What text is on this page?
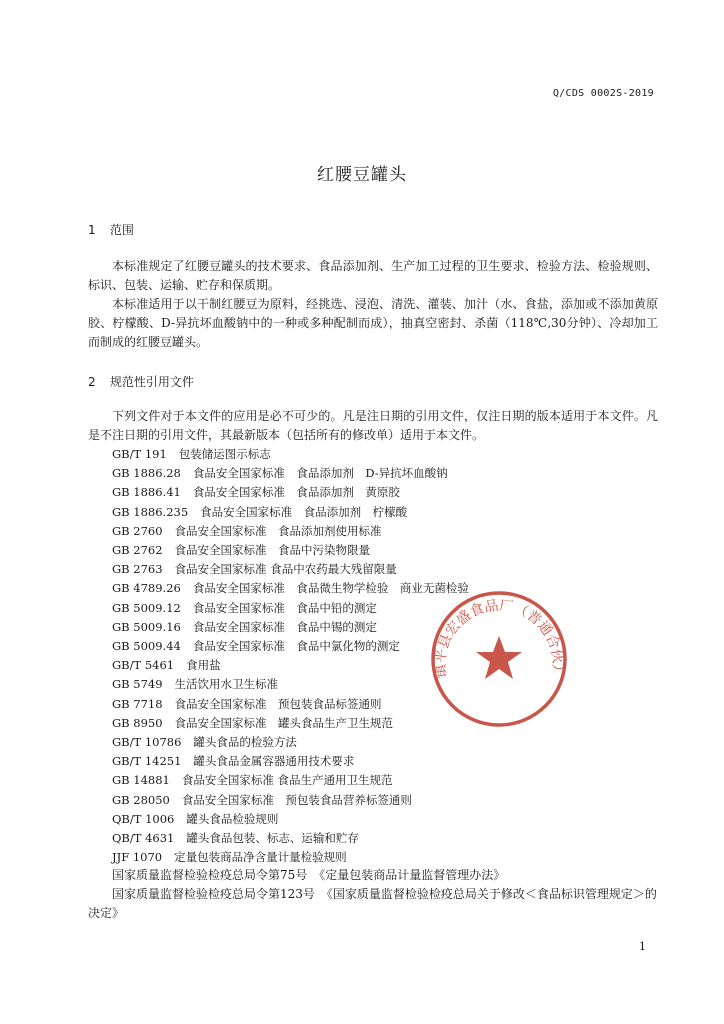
Q/CDS 0002S-2019
红腰豆罐头
1 范围

本标准规定了红腰豆罐头的技术要求、食品添加剂、生产加工过程的卫生要求、检验方法、检验规则、标识、包装、运输、贮存和保质期。

本标准适用于以干制红腰豆为原料，经挑选、浸泡、清洗、灌装、加汁（水、食盐，添加或不添加黄原胶、柠檬酸、D-异抗坏血酸钠中的一种或多种配制而成），抽真空密封、杀菌（118℃,30分钟）、冷却加工而制成的红腰豆罐头。

2 规范性引用文件

下列文件对于本文件的应用是必不可少的。凡是注日期的引用文件，仅注日期的版本适用于本文件。凡是不注日期的引用文件，其最新版本（包括所有的修改单）适用于本文件。

GB/T 191 包装储运图示标志
GB 1886.28 食品安全国家标准　食品添加剂　D-异抗坏血酸钠
GB 1886.41 食品安全国家标准　食品添加剂　黄原胶
GB 1886.235 食品安全国家标准　食品添加剂　柠檬酸
GB 2760 食品安全国家标准　食品添加剂使用标准
GB 2762 食品安全国家标准　食品中污染物限量
GB 2763 食品安全国家标准 食品中农药最大残留限量
GB 4789.26 食品安全国家标准　食品微生物学检验　商业无菌检验
GB 5009.12 食品安全国家标准　食品中铅的测定
GB 5009.16 食品安全国家标准　食品中锡的测定
GB 5009.44 食品安全国家标准　食品中氯化物的测定
GB/T 5461 食用盐
GB 5749 生活饮用水卫生标准
GB 7718 食品安全国家标准　预包装食品标签通则
GB 8950 食品安全国家标准　罐头食品生产卫生规范
GB/T 10786 罐头食品的检验方法
GB/T 14251 罐头食品金属容器通用技术要求
GB 14881 食品安全国家标准 食品生产通用卫生规范
GB 28050 食品安全国家标准　预包装食品营养标签通则
QB/T 1006 罐头食品检验规则
QB/T 4631 罐头食品包装、标志、运输和贮存
JJF 1070 定量包装商品净含量计量检验规则

国家质量监督检验检疫总局令第75号　《定量包装商品计量监督管理办法》

国家质量监督检验检疫总局令第123号　《国家质量监督检验检疫总局关于修改＜食品标识管理规定＞的决定》

镇平县宏盛食品厂（普通合伙）
1
